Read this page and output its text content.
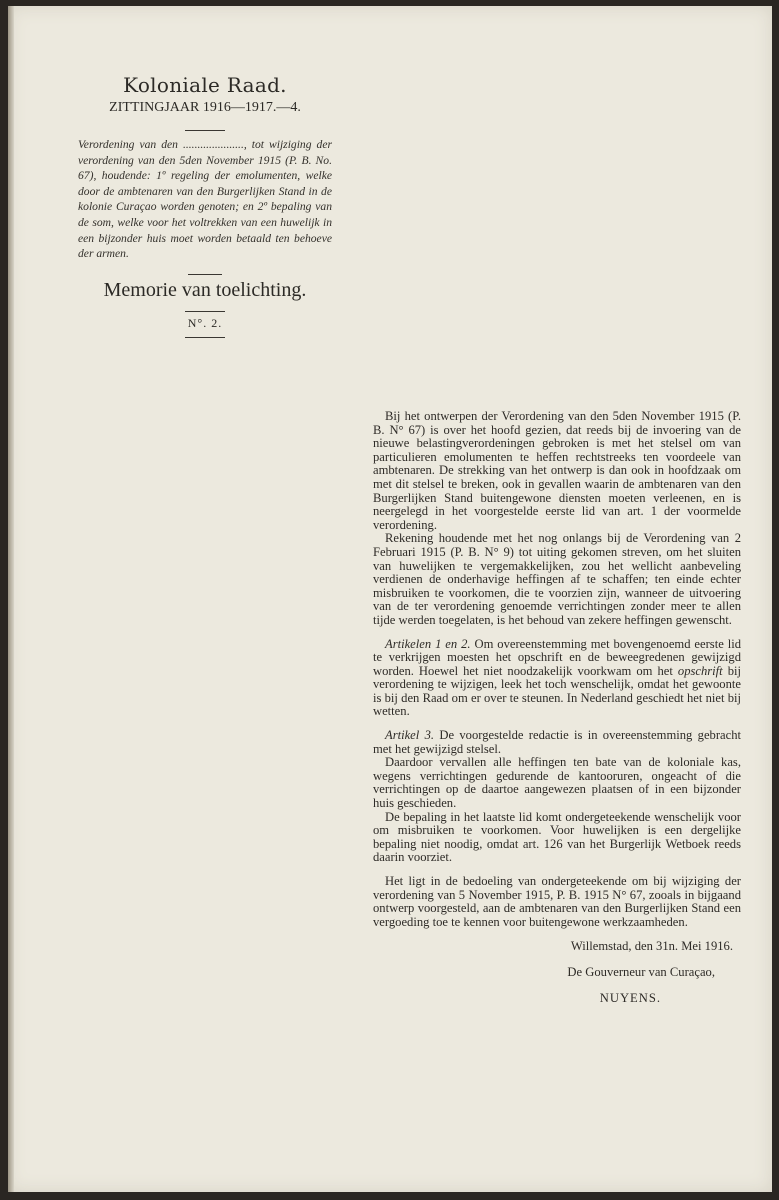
Koloniale Raad.
ZITTINGJAAR 1916—1917.—4.
Verordening van den ....................., tot wijziging der verordening van den 5den November 1915 (P. B. No. 67), houdende: 1º regeling der emolumenten, welke door de ambtenaren van den Burgerlijken Stand in de kolonie Curaçao worden genoten; en 2º bepaling van de som, welke voor het voltrekken van een huwelijk in een bijzonder huis moet worden betaald ten behoeve der armen.
Memorie van toelichting.
N°. 2.

Bij het ontwerpen der Verordening van den 5den November 1915 (P. B. N° 67) is over het hoofd gezien, dat reeds bij de invoering van de nieuwe belastingverordeningen gebroken is met het stelsel om van particulieren emolumenten te heffen rechtstreeks ten voordeele van ambtenaren. De strekking van het ontwerp is dan ook in hoofdzaak om met dit stelsel te breken, ook in gevallen waarin de ambtenaren van den Burgerlijken Stand buitengewone diensten moeten verleenen, en is neergelegd in het voorgestelde eerste lid van art. 1 der voormelde verordening.

Rekening houdende met het nog onlangs bij de Verordening van 2 Februari 1915 (P. B. N° 9) tot uiting gekomen streven, om het sluiten van huwelijken te vergemakkelijken, zou het wellicht aanbeveling verdienen de onderhavige heffingen af te schaffen; ten einde echter misbruiken te voorkomen, die te voorzien zijn, wanneer de uitvoering van de ter verordening genoemde verrichtingen zonder meer te allen tijde werden toegelaten, is het behoud van zekere heffingen gewenscht.

Artikelen 1 en 2. Om overeenstemming met bovengenoemd eerste lid te verkrijgen moesten het opschrift en de beweegredenen gewijzigd worden. Hoewel het niet noodzakelijk voorkwam om het opschrift bij verordening te wijzigen, leek het toch wenschelijk, omdat het gewoonte is bij den Raad om er over te steunen. In Nederland geschiedt het niet bij wetten.

Artikel 3. De voorgestelde redactie is in overeenstemming gebracht met het gewijzigd stelsel.

Daardoor vervallen alle heffingen ten bate van de koloniale kas, wegens verrichtingen gedurende de kantooruren, ongeacht of die verrichtingen op de daartoe aangewezen plaatsen of in een bijzonder huis geschieden.

De bepaling in het laatste lid komt ondergeteekende wenschelijk voor om misbruiken te voorkomen. Voor huwelijken is een dergelijke bepaling niet noodig, omdat art. 126 van het Burgerlijk Wetboek reeds daarin voorziet.

Het ligt in de bedoeling van ondergeteekende om bij wijziging der verordening van 5 November 1915, P. B. 1915 N° 67, zooals in bijgaand ontwerp voorgesteld, aan de ambtenaren van den Burgerlijken Stand een vergoeding toe te kennen voor buitengewone werkzaamheden.

Willemstad, den 31n. Mei 1916.
De Gouverneur van Curaçao,
NUYENS.
